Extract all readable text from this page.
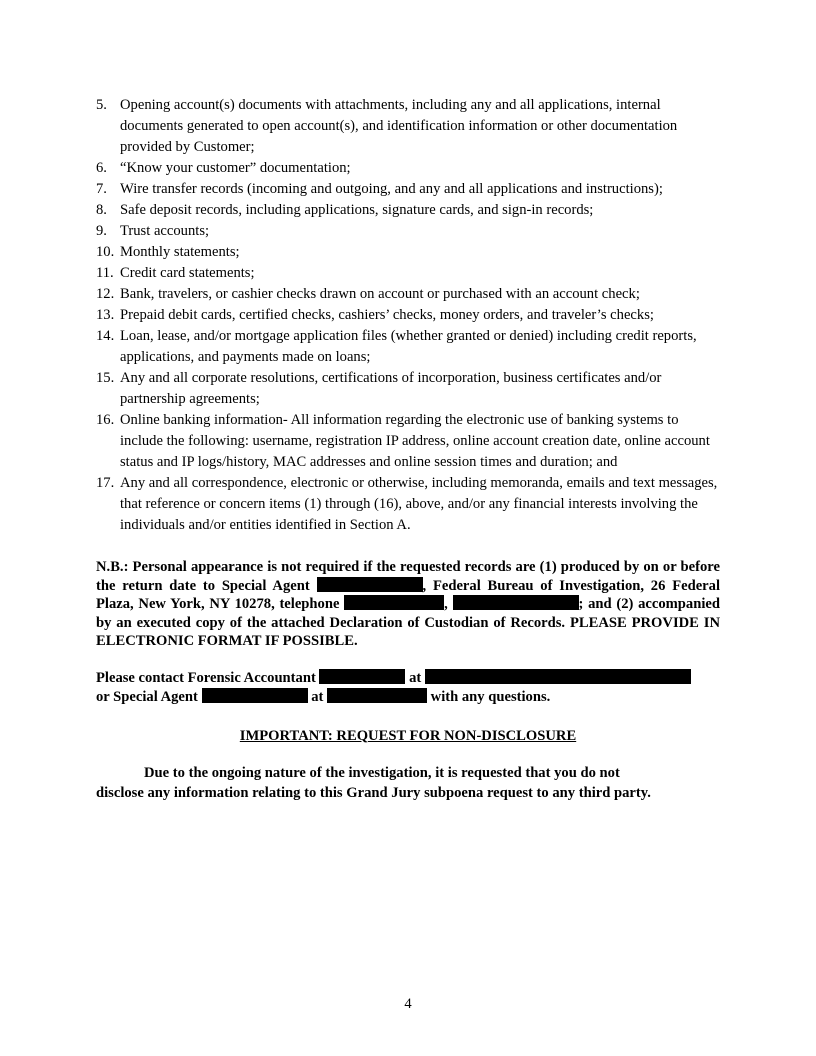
5. Opening account(s) documents with attachments, including any and all applications, internal documents generated to open account(s), and identification information or other documentation provided by Customer;
6. “Know your customer” documentation;
7. Wire transfer records (incoming and outgoing, and any and all applications and instructions);
8. Safe deposit records, including applications, signature cards, and sign-in records;
9. Trust accounts;
10. Monthly statements;
11. Credit card statements;
12. Bank, travelers, or cashier checks drawn on account or purchased with an account check;
13. Prepaid debit cards, certified checks, cashiers’ checks, money orders, and traveler’s checks;
14. Loan, lease, and/or mortgage application files (whether granted or denied) including credit reports, applications, and payments made on loans;
15. Any and all corporate resolutions, certifications of incorporation, business certificates and/or partnership agreements;
16. Online banking information- All information regarding the electronic use of banking systems to include the following: username, registration IP address, online account creation date, online account status and IP logs/history, MAC addresses and online session times and duration; and
17. Any and all correspondence, electronic or otherwise, including memoranda, emails and text messages, that reference or concern items (1) through (16), above, and/or any financial interests involving the individuals and/or entities identified in Section A.

N.B.: Personal appearance is not required if the requested records are (1) produced by on or before the return date to Special Agent	, Federal Bureau of Investigation, 26 Federal Plaza, New York, NY 10278, telephone	,	; and (2) accompanied by an executed copy of the attached Declaration of Custodian of Records. PLEASE PROVIDE IN ELECTRONIC FORMAT IF POSSIBLE.

Please contact Forensic Accountant	at
or Special Agent	at	with any questions.
IMPORTANT: REQUEST FOR NON-DISCLOSURE
Due to the ongoing nature of the investigation, it is requested that you do not
disclose any information relating to this Grand Jury subpoena request to any third party.
4
